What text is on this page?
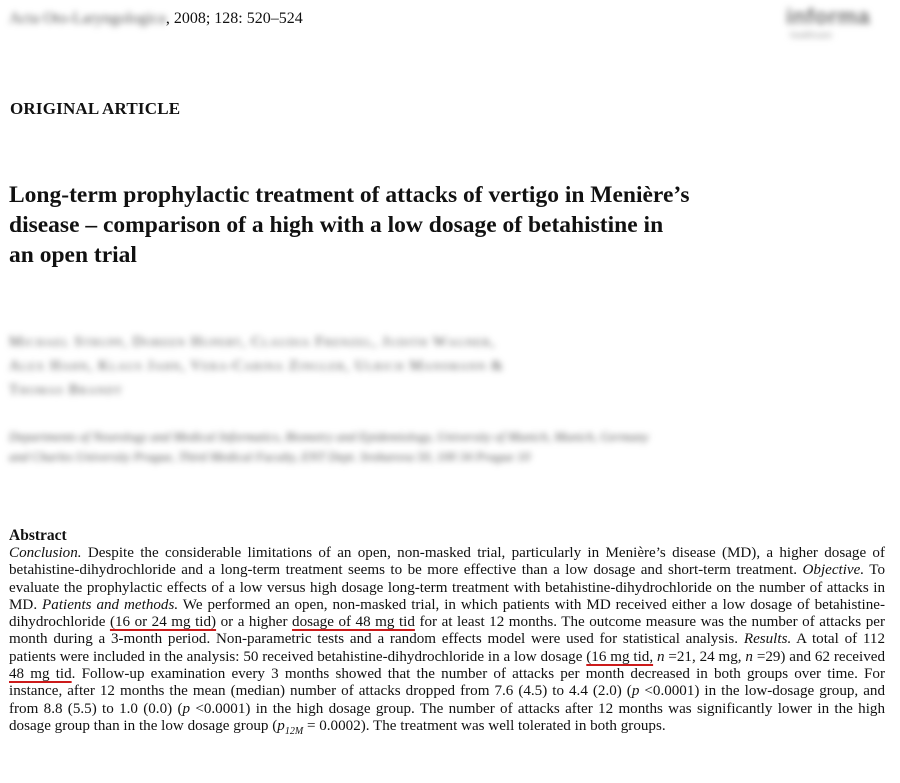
Acta Oto-Laryngologica, 2008; 128: 520–524	informa
healthcare
ORIGINAL ARTICLE
Long-term prophylactic treatment of attacks of vertigo in Menière’s
disease – comparison of a high with a low dosage of betahistine in
an open trial
Michael Strupp, Doreen Hupert, Claudia Frenzel, Judith Wagner,
Alex Hahn, Klaus Jahn, Vera-Carina Zingler, Ulrich Mansmann &
Thomas Brandt
Departments of Neurology and Medical Informatics, Biometry and Epidemiology, University of Munich, Munich, Germany
and Charles University Prague, Third Medical Faculty, ENT Dept. Srobarova 50, 100 34 Prague 10
Abstract
Conclusion. Despite the considerable limitations of an open, non-masked trial, particularly in Menière’s disease (MD), a higher dosage of betahistine-dihydrochloride and a long-term treatment seems to be more effective than a low dosage and short-term treatment. Objective. To evaluate the prophylactic effects of a low versus high dosage long-term treatment with betahistine-dihydrochloride on the number of attacks in MD. Patients and methods. We performed an open, non-masked trial, in which patients with MD received either a low dosage of betahistine-dihydrochloride (16 or 24 mg tid) or a higher dosage of 48 mg tid for at least 12 months. The outcome measure was the number of attacks per month during a 3-month period. Non-parametric tests and a random effects model were used for statistical analysis. Results. A total of 112 patients were included in the analysis: 50 received betahistine-dihydrochloride in a low dosage (16 mg tid, n =21, 24 mg, n =29) and 62 received 48 mg tid. Follow-up examination every 3 months showed that the number of attacks per month decreased in both groups over time. For instance, after 12 months the mean (median) number of attacks dropped from 7.6 (4.5) to 4.4 (2.0) (p <0.0001) in the low-dosage group, and from 8.8 (5.5) to 1.0 (0.0) (p <0.0001) in the high dosage group. The number of attacks after 12 months was significantly lower in the high dosage group than in the low dosage group $(p_{12M} = 0.0002)$. The treatment was well tolerated in both groups.
